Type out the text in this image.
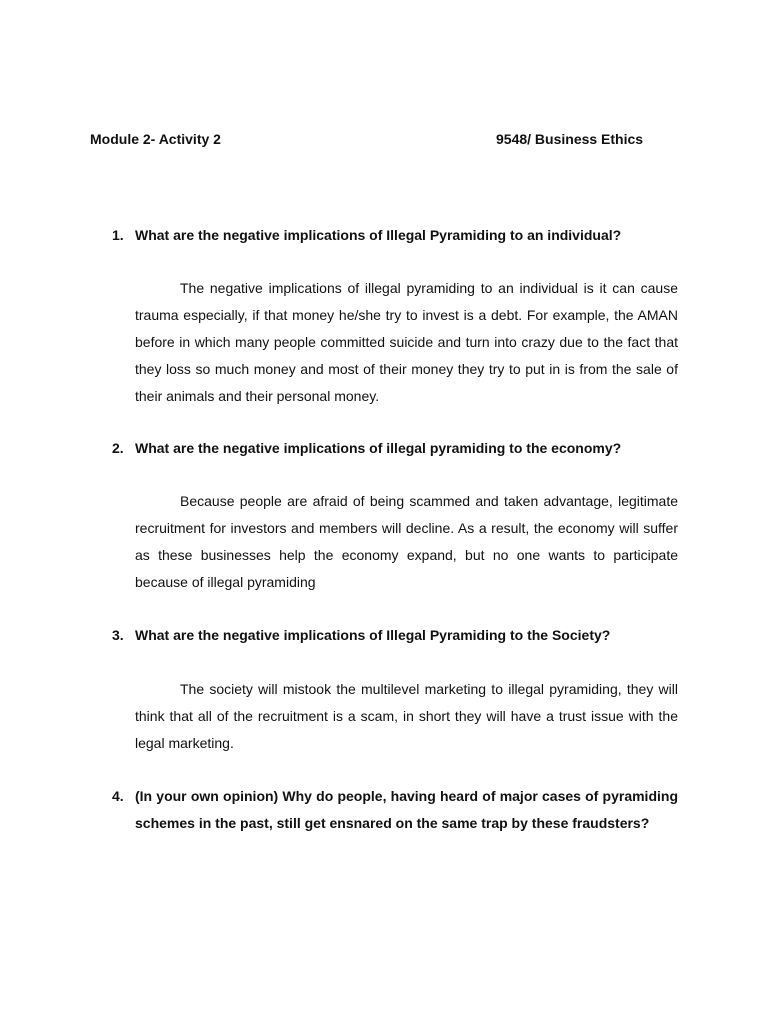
Module 2- Activity 2	9548/ Business Ethics
1. What are the negative implications of Illegal Pyramiding to an individual?

The negative implications of illegal pyramiding to an individual is it can cause trauma especially, if that money he/she try to invest is a debt. For example, the AMAN before in which many people committed suicide and turn into crazy due to the fact that they loss so much money and most of their money they try to put in is from the sale of their animals and their personal money.

2. What are the negative implications of illegal pyramiding to the economy?

Because people are afraid of being scammed and taken advantage, legitimate recruitment for investors and members will decline. As a result, the economy will suffer as these businesses help the economy expand, but no one wants to participate because of illegal pyramiding

3. What are the negative implications of Illegal Pyramiding to the Society?

The society will mistook the multilevel marketing to illegal pyramiding, they will think that all of the recruitment is a scam, in short they will have a trust issue with the legal marketing.

4. (In your own opinion) Why do people, having heard of major cases of pyramiding schemes in the past, still get ensnared on the same trap by these fraudsters?
